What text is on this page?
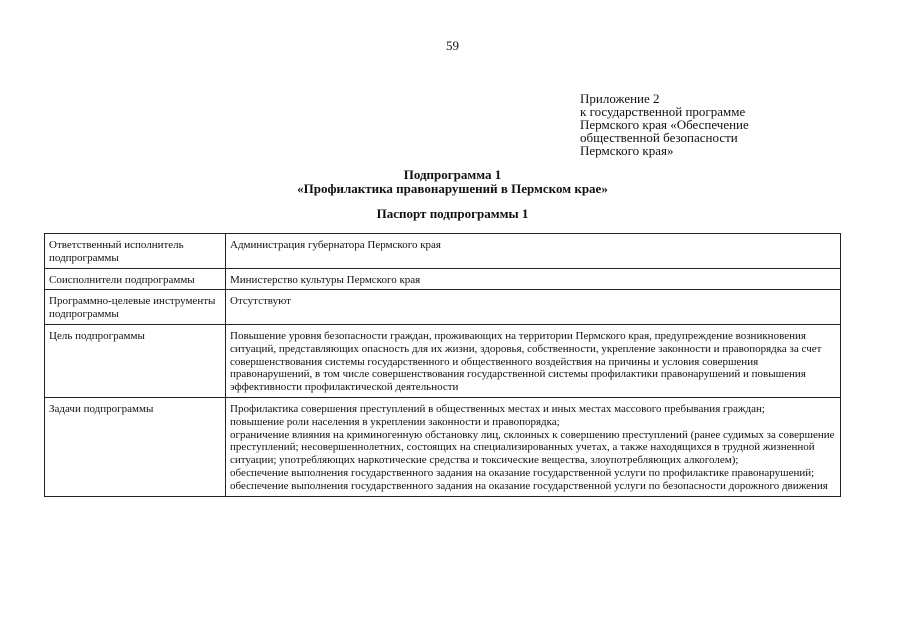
59
Приложение 2
к государственной программе
Пермского края «Обеспечение
общественной безопасности
Пермского края»
Подпрограмма 1
«Профилактика правонарушений в Пермском крае»
Паспорт подпрограммы 1
Ответственный исполнитель подпрограммы	Администрация губернатора Пермского края
Соисполнители подпрограммы	Министерство культуры Пермского края
Программно-целевые инструменты подпрограммы	Отсутствуют
Цель подпрограммы	Повышение уровня безопасности граждан, проживающих на территории Пермского края, предупреждение возникновения ситуаций, представляющих опасность для их жизни, здоровья, собственности, укрепление законности и правопорядка за счет совершенствования системы государственного и общественного воздействия на причины и условия совершения правонарушений, в том числе совершенствования государственной системы профилактики правонарушений и повышения эффективности профилактической деятельности
Задачи подпрограммы	Профилактика совершения преступлений в общественных местах и иных местах массового пребывания граждан;
повышение роли населения в укреплении законности и правопорядка;
ограничение влияния на криминогенную обстановку лиц, склонных к совершению преступлений (ранее судимых за совершение преступлений; несовершеннолетних, состоящих на специализированных учетах, а также находящихся в трудной жизненной ситуации; употребляющих наркотические средства и токсические вещества, злоупотребляющих алкоголем);
обеспечение выполнения государственного задания на оказание государственной услуги по профилактике правонарушений;
обеспечение выполнения государственного задания на оказание государственной услуги по безопасности дорожного движения
